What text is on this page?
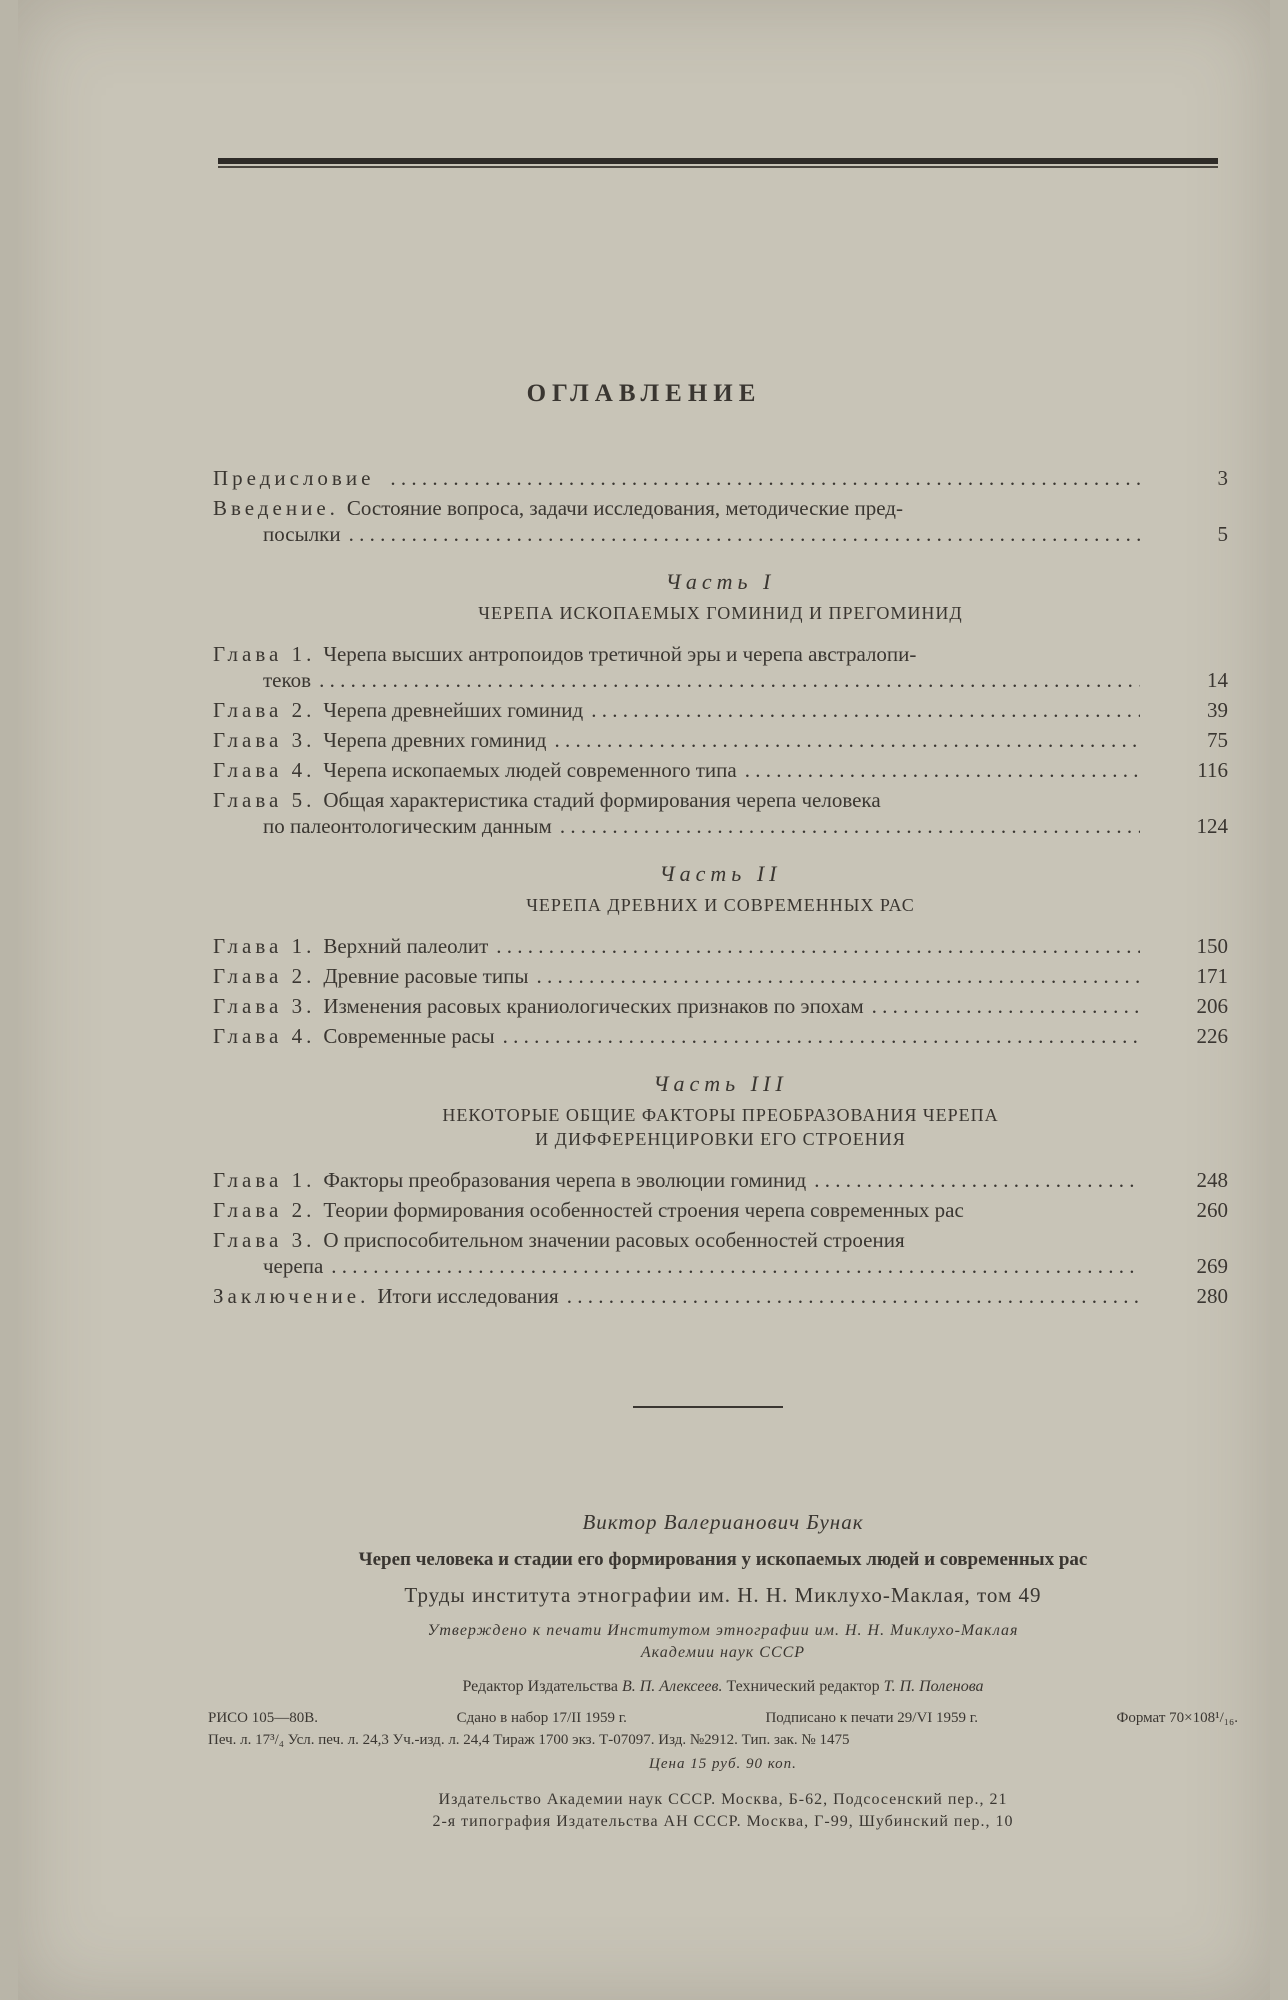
ОГЛАВЛЕНИЕ
Предисловие . . .	3
Введение. Состояние вопроса, задачи исследования, методические пред-
посылки . . .	5
Часть I
ЧЕРЕПА ИСКОПАЕМЫХ ГОМИНИД И ПРЕГОМИНИД
Глава 1. Черепа высших антропоидов третичной эры и черепа австралопи-
теков . . .	14
Глава 2. Черепа древнейших гоминид . . .	39
Глава 3. Черепа древних гоминид . . .	75
Глава 4. Черепа ископаемых людей современного типа . . .	116
Глава 5. Общая характеристика стадий формирования черепа человека
по палеонтологическим данным . . .	124
Часть II
ЧЕРЕПА ДРЕВНИХ И СОВРЕМЕННЫХ РАС
Глава 1. Верхний палеолит . . .	150
Глава 2. Древние расовые типы . . .	171
Глава 3. Изменения расовых краниологических признаков по эпохам . . .	206
Глава 4. Современные расы . . .	226
Часть III
НЕКОТОРЫЕ ОБЩИЕ ФАКТОРЫ ПРЕОБРАЗОВАНИЯ ЧЕРЕПА
И ДИФФЕРЕНЦИРОВКИ ЕГО СТРОЕНИЯ
Глава 1. Факторы преобразования черепа в эволюции гоминид . . .	248
Глава 2. Теории формирования особенностей строения черепа современных рас	260
Глава 3. О приспособительном значении расовых особенностей строения
черепа . . .	269
Заключение. Итоги исследования . . .	280
Виктор Валерианович Бунак
Череп человека и стадии его формирования у ископаемых людей и современных рас
Труды института этнографии им. Н. Н. Миклухо-Маклая, том 49
Утверждено к печати Институтом этнографии им. Н. Н. Миклухо-Маклая
Академии наук СССР
Редактор Издательства В. П. Алексеев. Технический редактор Т. П. Поленова
РИСО 105—80В.	Сдано в набор 17/II 1959 г.	Подписано к печати 29/VI 1959 г.	Формат 70×108¹/₁₆.
Печ. л. 17³/₄ Усл. печ. л. 24,3 Уч.-изд. л. 24,4 Тираж 1700 экз. Т-07097. Изд. №2912. Тип. зак. № 1475
Цена 15 руб. 90 коп.
Издательство Академии наук СССР. Москва, Б-62, Подсосенский пер., 21
2-я типография Издательства АН СССР. Москва, Г-99, Шубинский пер., 10
